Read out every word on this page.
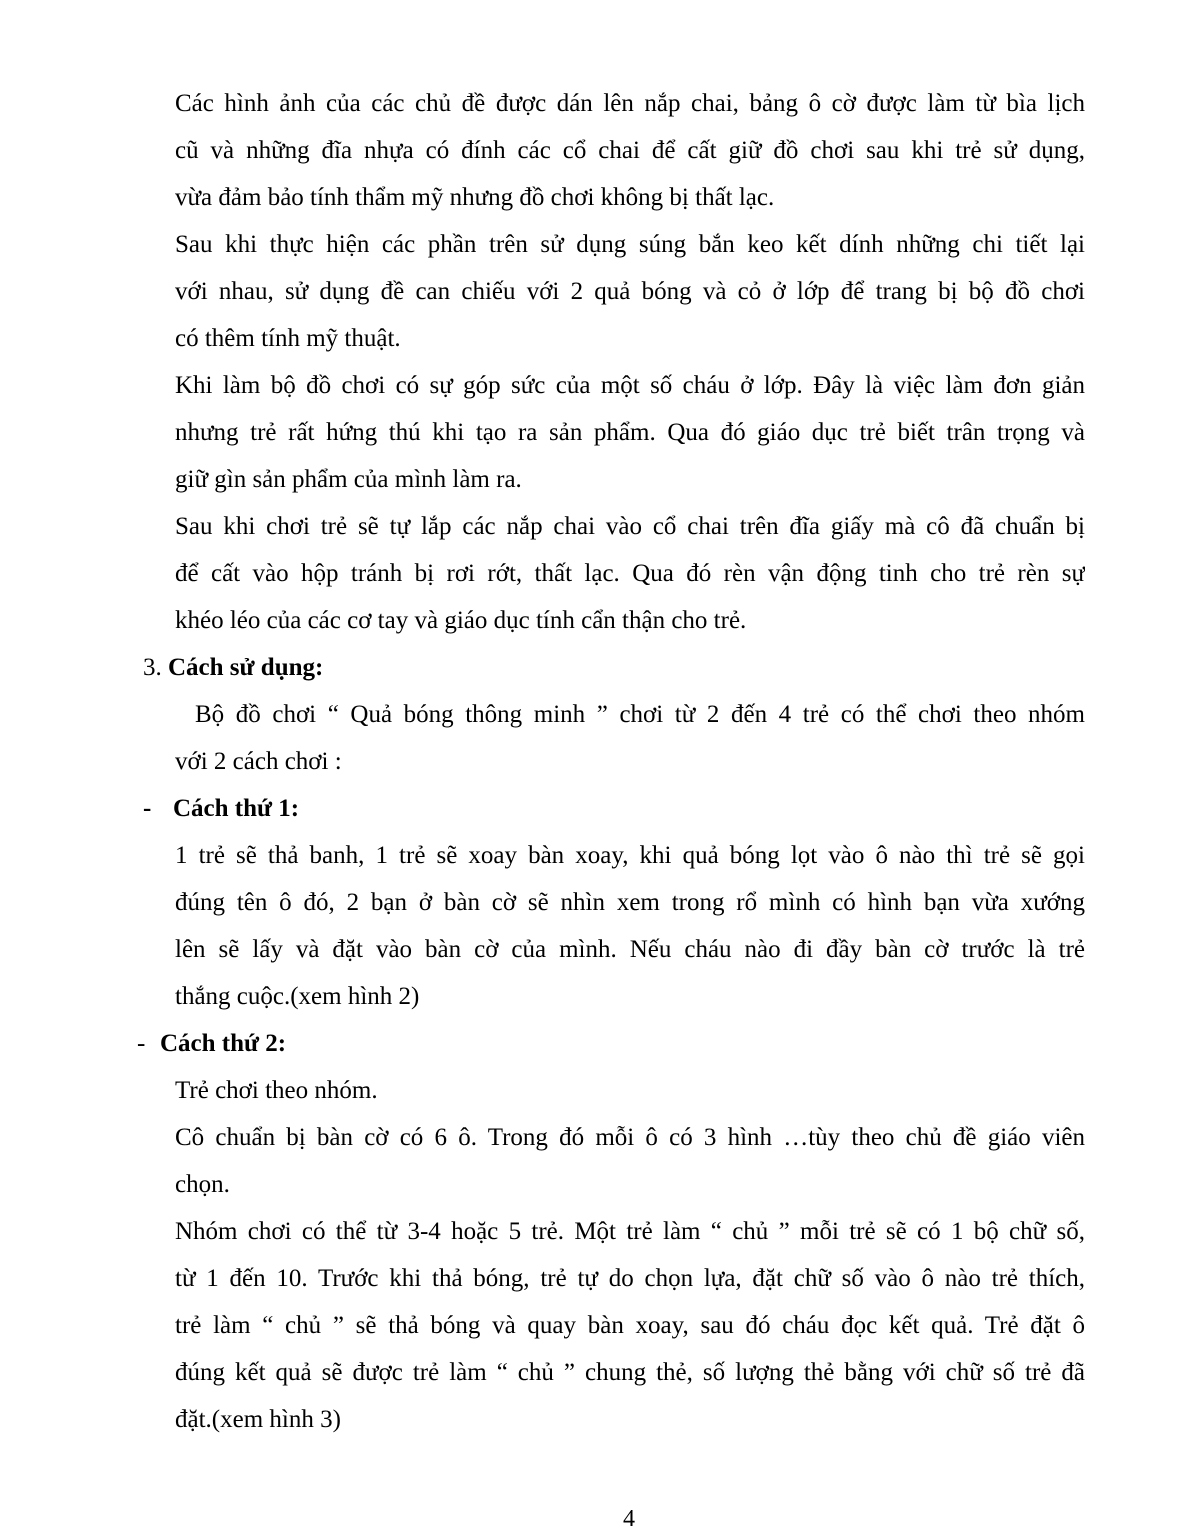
Các hình ảnh của các chủ đề được dán lên nắp chai, bảng ô cờ được làm từ bìa lịch
cũ và những đĩa nhựa có đính các cổ chai để cất giữ đồ chơi sau khi trẻ sử dụng,
vừa đảm bảo tính thẩm mỹ nhưng đồ chơi không bị thất lạc.
Sau khi thực hiện các phần trên sử dụng súng bắn keo kết dính những chi tiết lại
với nhau, sử dụng đề can chiếu với 2 quả bóng và cỏ ở lớp để trang bị bộ đồ chơi
có thêm tính mỹ thuật.
Khi làm bộ đồ chơi có sự góp sức của một số cháu ở lớp. Đây là việc làm đơn giản
nhưng trẻ rất hứng thú khi tạo ra sản phẩm. Qua đó giáo dục trẻ biết trân trọng và
giữ gìn sản phẩm của mình làm ra.
Sau khi chơi trẻ sẽ tự lắp các nắp chai vào cổ chai trên đĩa giấy mà cô đã chuẩn bị
để cất vào hộp tránh bị rơi rớt, thất lạc. Qua đó rèn vận động tinh cho trẻ rèn sự
khéo léo của các cơ tay và giáo dục tính cẩn thận cho trẻ.
3. Cách sử dụng:
Bộ đồ chơi “ Quả bóng thông minh ” chơi từ 2 đến 4 trẻ có thể chơi theo nhóm
với 2 cách chơi :
- Cách thứ 1:
1 trẻ sẽ thả banh, 1 trẻ sẽ xoay bàn xoay, khi quả bóng lọt vào ô nào thì trẻ sẽ gọi
đúng tên ô đó, 2 bạn ở bàn cờ sẽ nhìn xem trong rổ mình có hình bạn vừa xướng
lên sẽ lấy và đặt vào bàn cờ của mình. Nếu cháu nào đi đầy bàn cờ trước là trẻ
thắng cuộc.(xem hình 2)
- Cách thứ 2:
Trẻ chơi theo nhóm.
Cô chuẩn bị bàn cờ có 6 ô. Trong đó mỗi ô có 3 hình …tùy theo chủ đề giáo viên
chọn.
Nhóm chơi có thể từ 3-4 hoặc 5 trẻ. Một trẻ làm “ chủ ” mỗi trẻ sẽ có 1 bộ chữ số,
từ 1 đến 10. Trước khi thả bóng, trẻ tự do chọn lựa, đặt chữ số vào ô nào trẻ thích,
trẻ làm “ chủ ” sẽ thả bóng và quay bàn xoay, sau đó cháu đọc kết quả. Trẻ đặt ô
đúng kết quả sẽ được trẻ làm “ chủ ” chung thẻ, số lượng thẻ bằng với chữ số trẻ đã
đặt.(xem hình 3)
4
